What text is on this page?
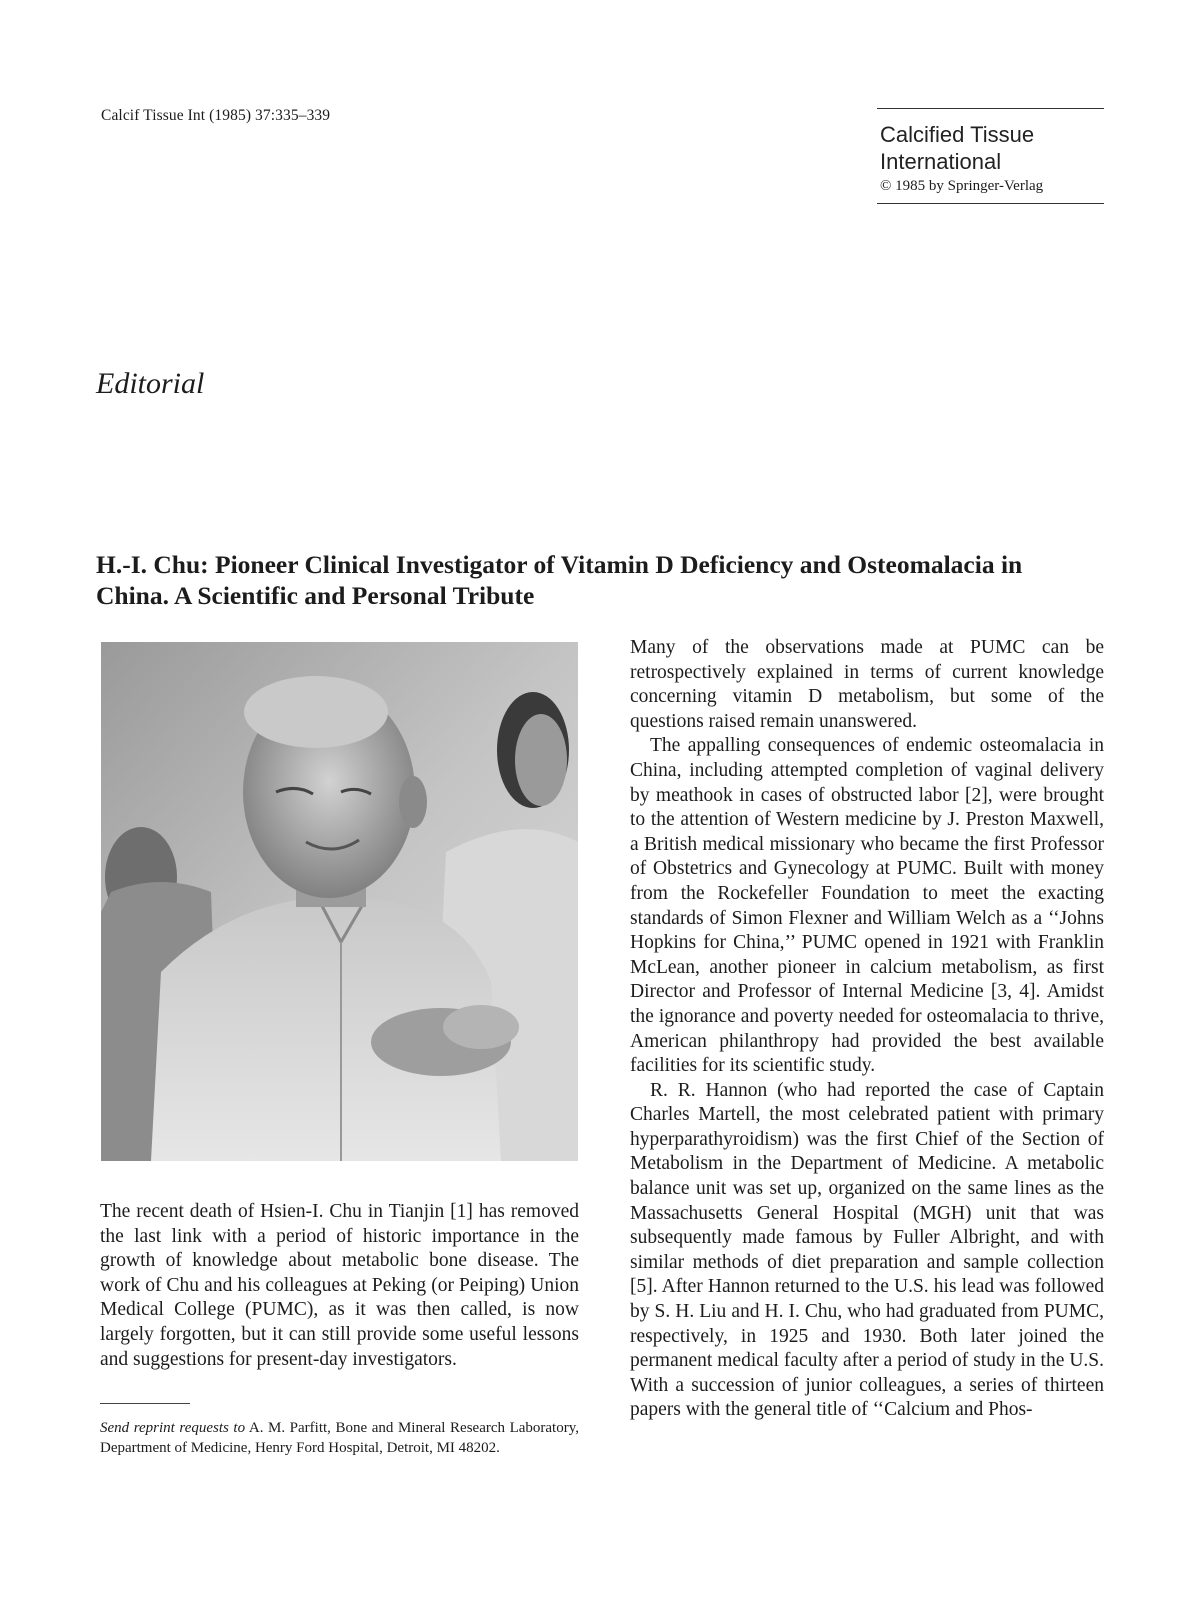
Calcif Tissue Int (1985) 37:335–339
Calcified Tissue
International
© 1985 by Springer-Verlag
Editorial
H.-I. Chu: Pioneer Clinical Investigator of Vitamin D Deficiency and Osteomalacia in China. A Scientific and Personal Tribute

The recent death of Hsien-I. Chu in Tianjin [1] has removed the last link with a period of historic importance in the growth of knowledge about metabolic bone disease. The work of Chu and his colleagues at Peking (or Peiping) Union Medical College (PUMC), as it was then called, is now largely forgotten, but it can still provide some useful lessons and suggestions for present-day investigators.

Send reprint requests to A. M. Parfitt, Bone and Mineral Research Laboratory, Department of Medicine, Henry Ford Hospital, Detroit, MI 48202.

Many of the observations made at PUMC can be retrospectively explained in terms of current knowledge concerning vitamin D metabolism, but some of the questions raised remain unanswered.

The appalling consequences of endemic osteomalacia in China, including attempted completion of vaginal delivery by meathook in cases of obstructed labor [2], were brought to the attention of Western medicine by J. Preston Maxwell, a British medical missionary who became the first Professor of Obstetrics and Gynecology at PUMC. Built with money from the Rockefeller Foundation to meet the exacting standards of Simon Flexner and William Welch as a ‘‘Johns Hopkins for China,’’ PUMC opened in 1921 with Franklin McLean, another pioneer in calcium metabolism, as first Director and Professor of Internal Medicine [3, 4]. Amidst the ignorance and poverty needed for osteomalacia to thrive, American philanthropy had provided the best available facilities for its scientific study.

R. R. Hannon (who had reported the case of Captain Charles Martell, the most celebrated patient with primary hyperparathyroidism) was the first Chief of the Section of Metabolism in the Department of Medicine. A metabolic balance unit was set up, organized on the same lines as the Massachusetts General Hospital (MGH) unit that was subsequently made famous by Fuller Albright, and with similar methods of diet preparation and sample collection [5]. After Hannon returned to the U.S. his lead was followed by S. H. Liu and H. I. Chu, who had graduated from PUMC, respectively, in 1925 and 1930. Both later joined the permanent medical faculty after a period of study in the U.S. With a succession of junior colleagues, a series of thirteen papers with the general title of ‘‘Calcium and Phos-
